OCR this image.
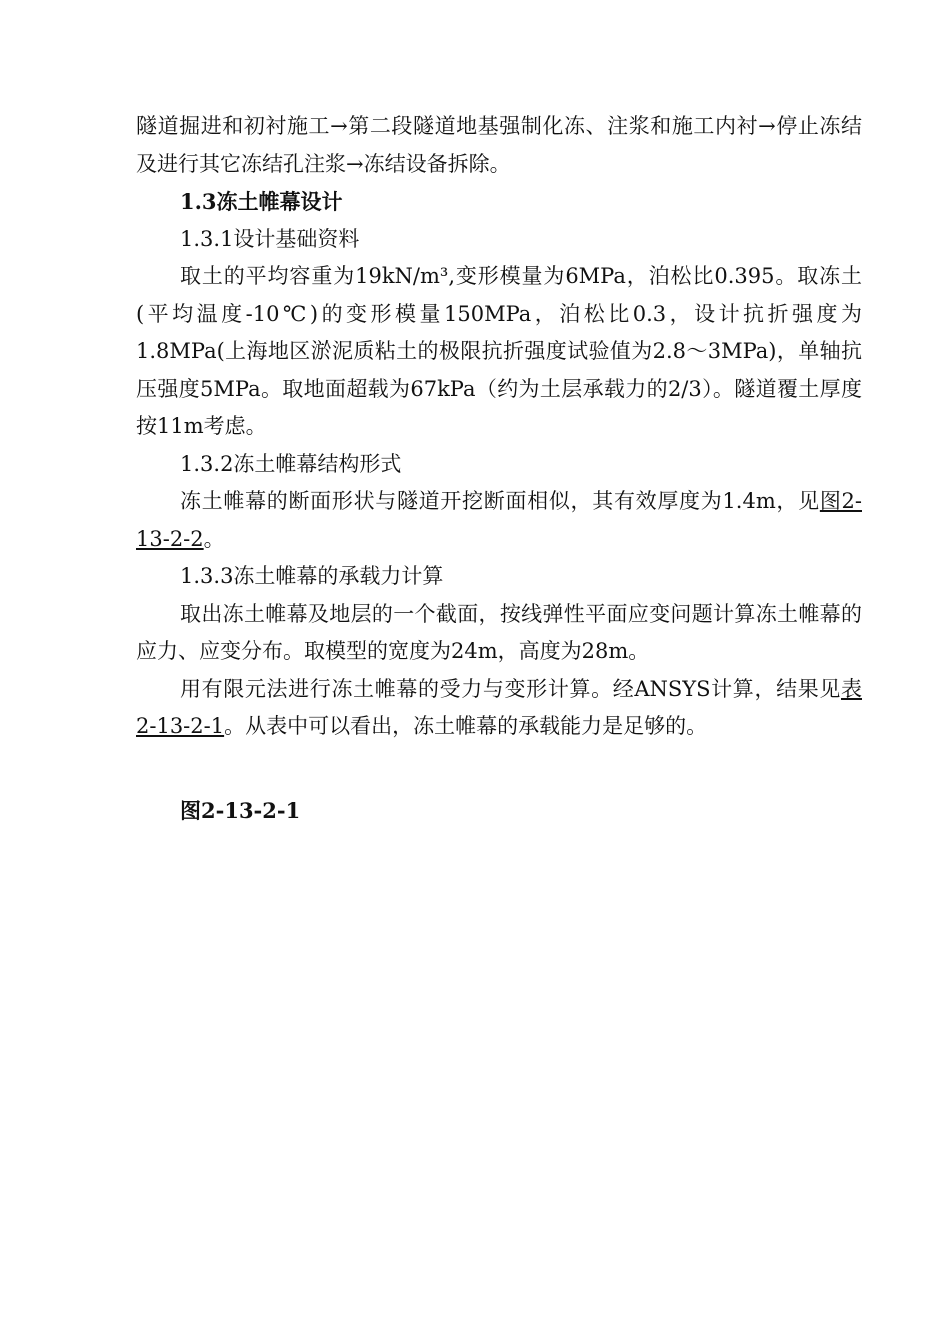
隧道掘进和初衬施工→第二段隧道地基强制化冻、注浆和施工内衬→停止冻结及进行其它冻结孔注浆→冻结设备拆除。

1.3冻土帷幕设计

1.3.1设计基础资料

取土的平均容重为19kN/m³,变形模量为6MPa，泊松比0.395。取冻土(平均温度-10℃)的变形模量150MPa，泊松比0.3，设计抗折强度为1.8MPa(上海地区淤泥质粘土的极限抗折强度试验值为2.8～3MPa)，单轴抗压强度5MPa。取地面超载为67kPa（约为土层承载力的2/3）。隧道覆土厚度按11m考虑。

1.3.2冻土帷幕结构形式

冻土帷幕的断面形状与隧道开挖断面相似，其有效厚度为1.4m，见图2-13-2-2。

1.3.3冻土帷幕的承载力计算

取出冻土帷幕及地层的一个截面，按线弹性平面应变问题计算冻土帷幕的应力、应变分布。取模型的宽度为24m，高度为28m。

用有限元法进行冻土帷幕的受力与变形计算。经ANSYS计算，结果见表2-13-2-1。从表中可以看出，冻土帷幕的承载能力是足够的。

图2-13-2-1
